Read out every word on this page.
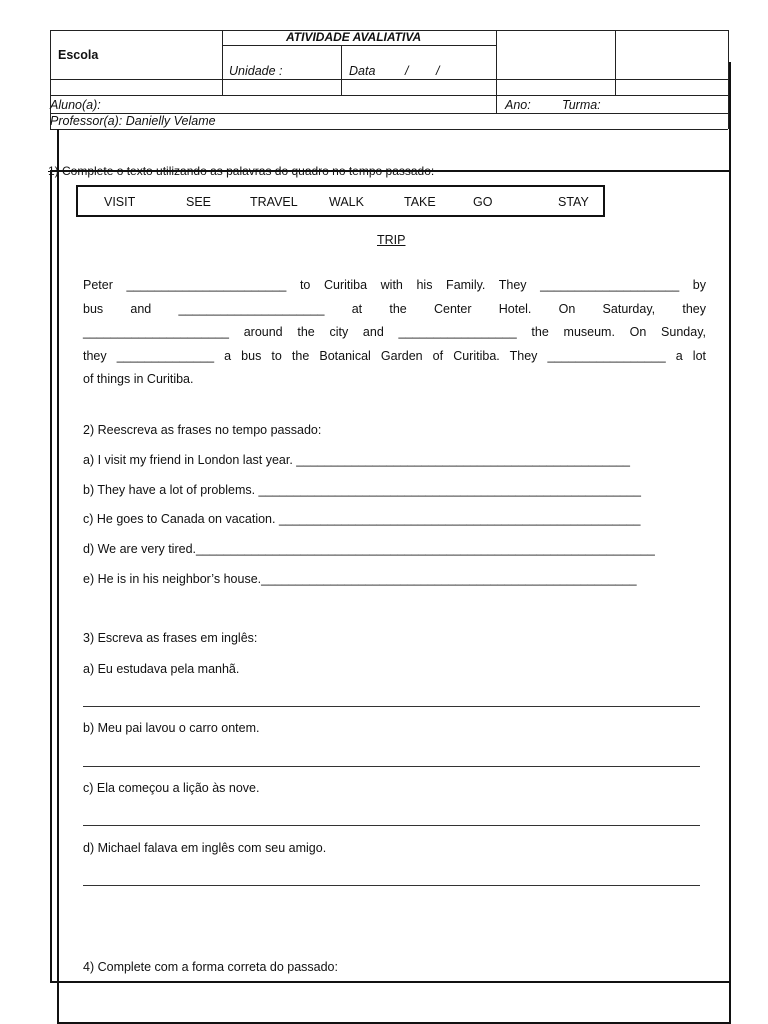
Escola
ATIVIDADE AVALIATIVA
Unidade :	Data / /
Aluno(a):	Ano:	Turma:
Professor(a): Danielly Velame
1) Complete o texto utilizando as palavras do quadro no tempo passado:
VISIT	SEE	TRAVEL	WALK	TAKE	GO	STAY
TRIP
Peter _______________________ to Curitiba with his Family. They ____________________ by
bus and _____________________ at the Center Hotel. On Saturday, they
_____________________ around the city and _________________ the museum. On Sunday,
they ______________ a bus to the Botanical Garden of Curitiba. They _________________ a lot
of things in Curitiba.
2) Reescreva as frases no tempo passado:
a) I visit my friend in London last year. ________________________________________________
b) They have a lot of problems. _______________________________________________________
c) He goes to Canada on vacation. ____________________________________________________
d) We are very tired.__________________________________________________________________
e) He is in his neighbor’s house.______________________________________________________
3) Escreva as frases em inglês:
a) Eu estudava pela manhã.
b) Meu pai lavou o carro ontem.
c) Ela começou a lição às nove.
d) Michael falava em inglês com seu amigo.
4) Complete com a forma correta do passado:
